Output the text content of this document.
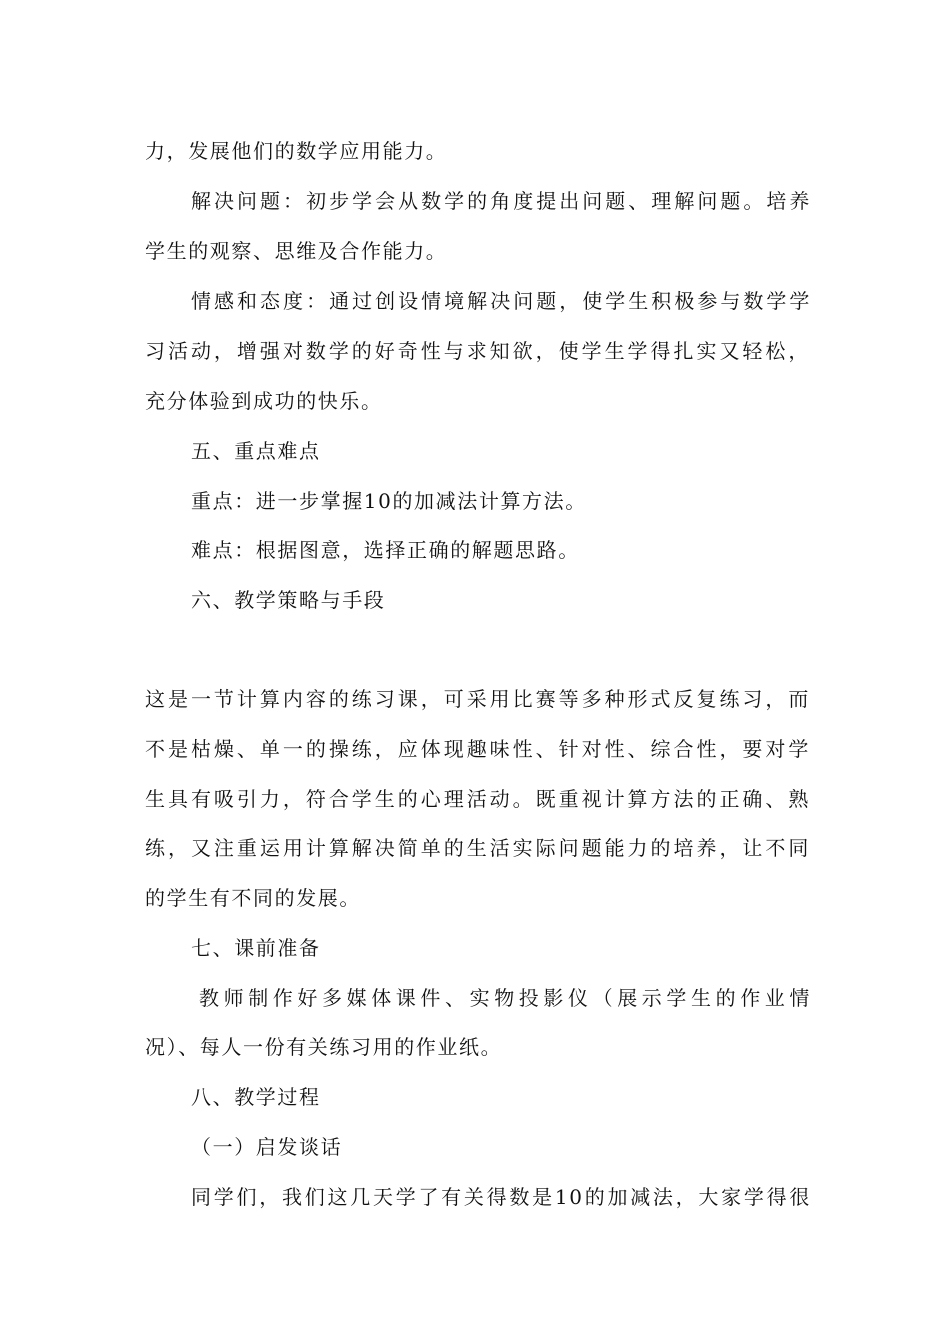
力，发展他们的数学应用能力。
解决问题：初步学会从数学的角度提出问题、理解问题。培养
学生的观察、思维及合作能力。
情感和态度：通过创设情境解决问题，使学生积极参与数学学
习活动，增强对数学的好奇性与求知欲，使学生学得扎实又轻松，
充分体验到成功的快乐。
五、重点难点
重点：进一步掌握10的加减法计算方法。
难点：根据图意，选择正确的解题思路。
六、教学策略与手段
这是一节计算内容的练习课，可采用比赛等多种形式反复练习，而
不是枯燥、单一的操练，应体现趣味性、针对性、综合性，要对学
生具有吸引力，符合学生的心理活动。既重视计算方法的正确、熟
练，又注重运用计算解决简单的生活实际问题能力的培养，让不同
的学生有不同的发展。
七、课前准备
教师制作好多媒体课件、实物投影仪（展示学生的作业情
况）、每人一份有关练习用的作业纸。
八、教学过程
（一）启发谈话
同学们，我们这几天学了有关得数是10的加减法，大家学得很
